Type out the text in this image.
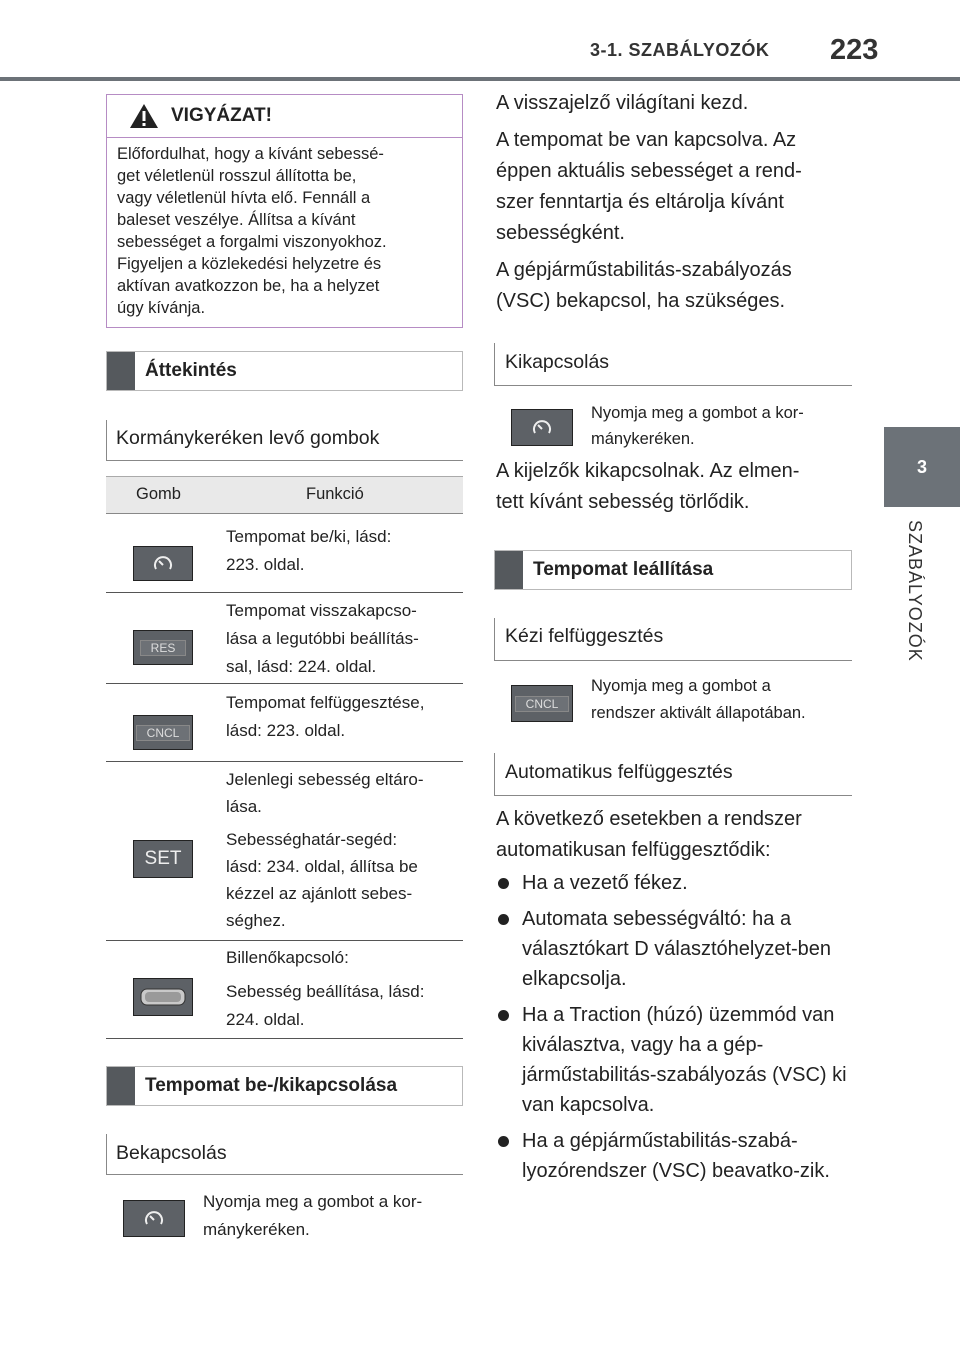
3-1. SZABÁLYOZÓK 223
3
SZABÁLYOZÓK
VIGYÁZAT!
Előfordulhat, hogy a kívánt sebessé-
get véletlenül rosszul állította be,
vagy véletlenül hívta elő. Fennáll a
baleset veszélye. Állítsa a kívánt
sebességet a forgalmi viszonyokhoz.
Figyeljen a közlekedési helyzetre és
aktívan avatkozzon be, ha a helyzet
úgy kívánja.
Áttekintés
Kormánykeréken levő gombok
Gomb	Funkció
Tempomat be/ki, lásd:
223. oldal.
RES
Tempomat visszakapcso-
lása a legutóbbi beállítás-
sal, lásd: 224. oldal.
CNCL
Tempomat felfüggesztése,
lásd: 223. oldal.
SET
Jelenlegi sebesség eltáro-
lása.
Sebességhatár-segéd:
lásd: 234. oldal, állítsa be
kézzel az ajánlott sebes-
séghez.
Billenőkapcsoló:
Sebesség beállítása, lásd:
224. oldal.
Tempomat be-/kikapcsolása
Bekapcsolás
Nyomja meg a gombot a kor-
mánykeréken.
A visszajelző világítani kezd.
A tempomat be van kapcsolva. Az
éppen aktuális sebességet a rend-
szer fenntartja és eltárolja kívánt
sebességként.
A gépjárműstabilitás-szabályozás
(VSC) bekapcsol, ha szükséges.
Kikapcsolás
Nyomja meg a gombot a kor-
mánykeréken.
A kijelzők kikapcsolnak. Az elmen-
tett kívánt sebesség törlődik.
Tempomat leállítása
Kézi felfüggesztés
CNCL
Nyomja meg a gombot a
rendszer aktivált állapotában.
Automatikus felfüggesztés
A következő esetekben a rendszer
automatikusan felfüggesztődik:
Ha a vezető fékez.
Automata sebességváltó: ha a választókart D választóhelyzet-ben elkapcsolja.
Ha a Traction (húzó) üzemmód van kiválasztva, vagy ha a gép-járműstabilitás-szabályozás (VSC) ki van kapcsolva.
Ha a gépjárműstabilitás-szabá-lyozórendszer (VSC) beavatko-zik.
